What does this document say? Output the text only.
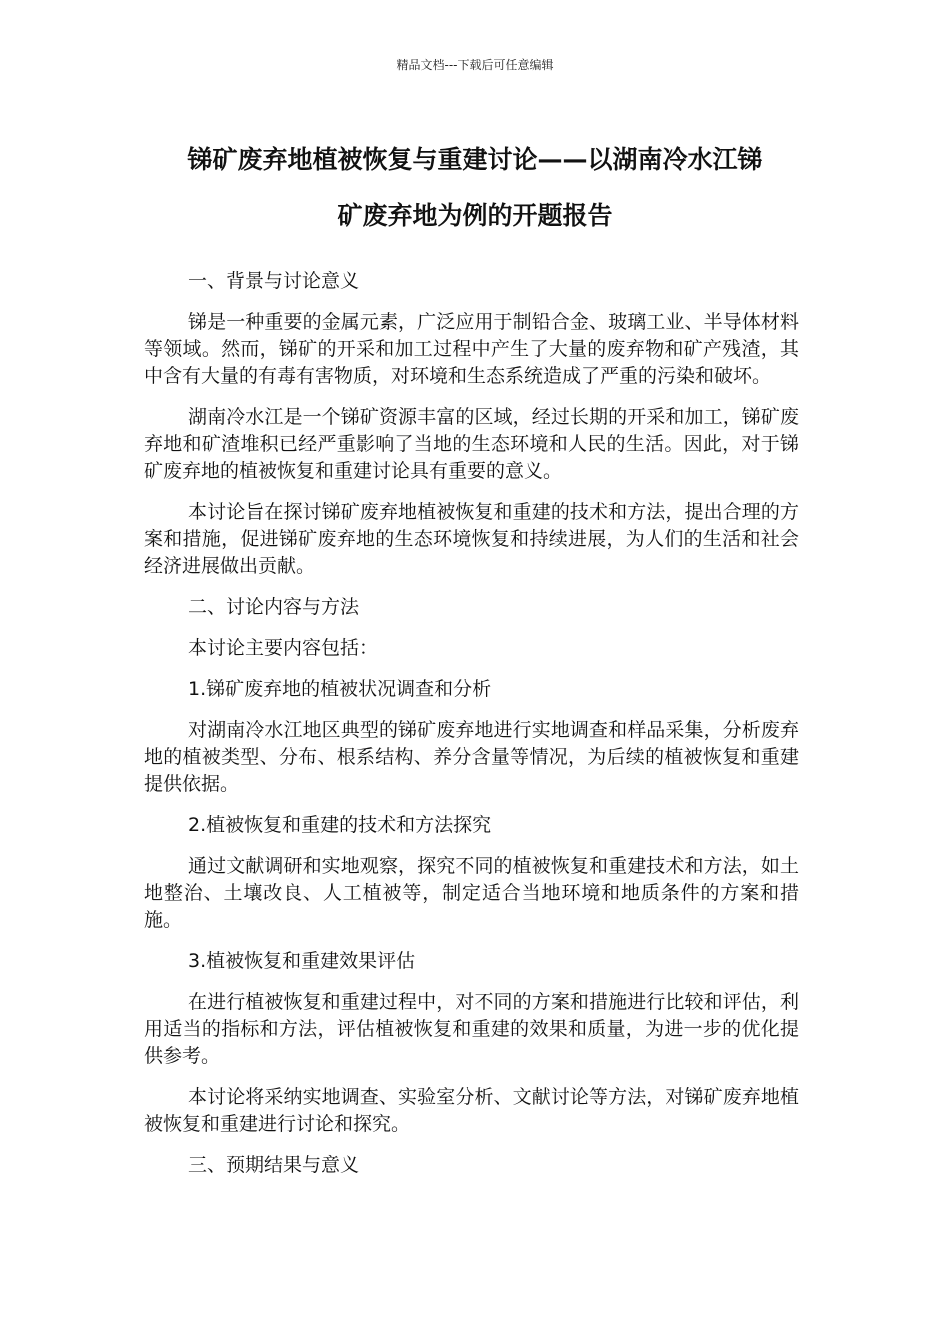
精品文档---下载后可任意编辑
锑矿废弃地植被恢复与重建讨论——以湖南冷水江锑
矿废弃地为例的开题报告

一、背景与讨论意义

锑是一种重要的金属元素，广泛应用于制铅合金、玻璃工业、半导体材料等领域。然而，锑矿的开采和加工过程中产生了大量的废弃物和矿产残渣，其中含有大量的有毒有害物质，对环境和生态系统造成了严重的污染和破坏。

湖南冷水江是一个锑矿资源丰富的区域，经过长期的开采和加工，锑矿废弃地和矿渣堆积已经严重影响了当地的生态环境和人民的生活。因此，对于锑矿废弃地的植被恢复和重建讨论具有重要的意义。

本讨论旨在探讨锑矿废弃地植被恢复和重建的技术和方法，提出合理的方案和措施，促进锑矿废弃地的生态环境恢复和持续进展，为人们的生活和社会经济进展做出贡献。

二、讨论内容与方法

本讨论主要内容包括：

1.锑矿废弃地的植被状况调查和分析

对湖南冷水江地区典型的锑矿废弃地进行实地调查和样品采集，分析废弃地的植被类型、分布、根系结构、养分含量等情况，为后续的植被恢复和重建提供依据。

2.植被恢复和重建的技术和方法探究

通过文献调研和实地观察，探究不同的植被恢复和重建技术和方法，如土地整治、土壤改良、人工植被等，制定适合当地环境和地质条件的方案和措施。

3.植被恢复和重建效果评估

在进行植被恢复和重建过程中，对不同的方案和措施进行比较和评估，利用适当的指标和方法，评估植被恢复和重建的效果和质量，为进一步的优化提供参考。

本讨论将采纳实地调查、实验室分析、文献讨论等方法，对锑矿废弃地植被恢复和重建进行讨论和探究。

三、预期结果与意义
